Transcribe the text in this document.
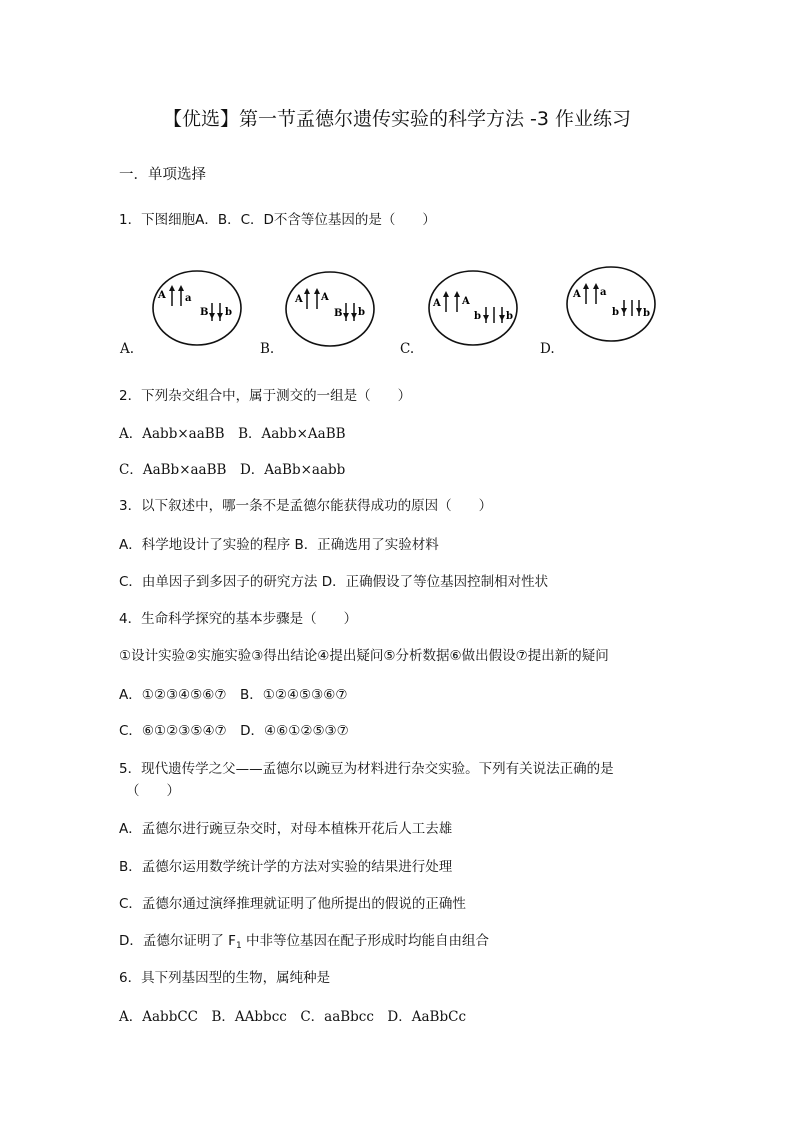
【优选】第一节孟德尔遗传实验的科学方法 -3 作业练习
一．单项选择
1．下图细胞A．B．C．D不含等位基因的是（　　）
A a
B b
A.
A A
B b
B.
A A
b	b
C.
A a
b b
D.
2．下列杂交组合中，属于测交的一组是（　　）
A．Aabb×aaBB　B．Aabb×AaBB
C．AaBb×aaBB　D．AaBb×aabb
3．以下叙述中，哪一条不是孟德尔能获得成功的原因（　　）
A．科学地设计了实验的程序 B．正确选用了实验材料
C．由单因子到多因子的研究方法 D．正确假设了等位基因控制相对性状
4．生命科学探究的基本步骤是（　　）
①设计实验②实施实验③得出结论④提出疑问⑤分析数据⑥做出假设⑦提出新的疑问
A．①②③④⑤⑥⑦　B．①②④⑤③⑥⑦
C．⑥①②③⑤④⑦　D．④⑥①②⑤③⑦
5．现代遗传学之父——孟德尔以豌豆为材料进行杂交实验。下列有关说法正确的是
（　　）
A．孟德尔进行豌豆杂交时，对母本植株开花后人工去雄
B．孟德尔运用数学统计学的方法对实验的结果进行处理
C．孟德尔通过演绎推理就证明了他所提出的假说的正确性
D．孟德尔证明了 $F_1$ 中非等位基因在配子形成时均能自由组合
6．具下列基因型的生物，属纯种是
A．AabbCC　B．AAbbcc　C．aaBbcc　D．AaBbCc
